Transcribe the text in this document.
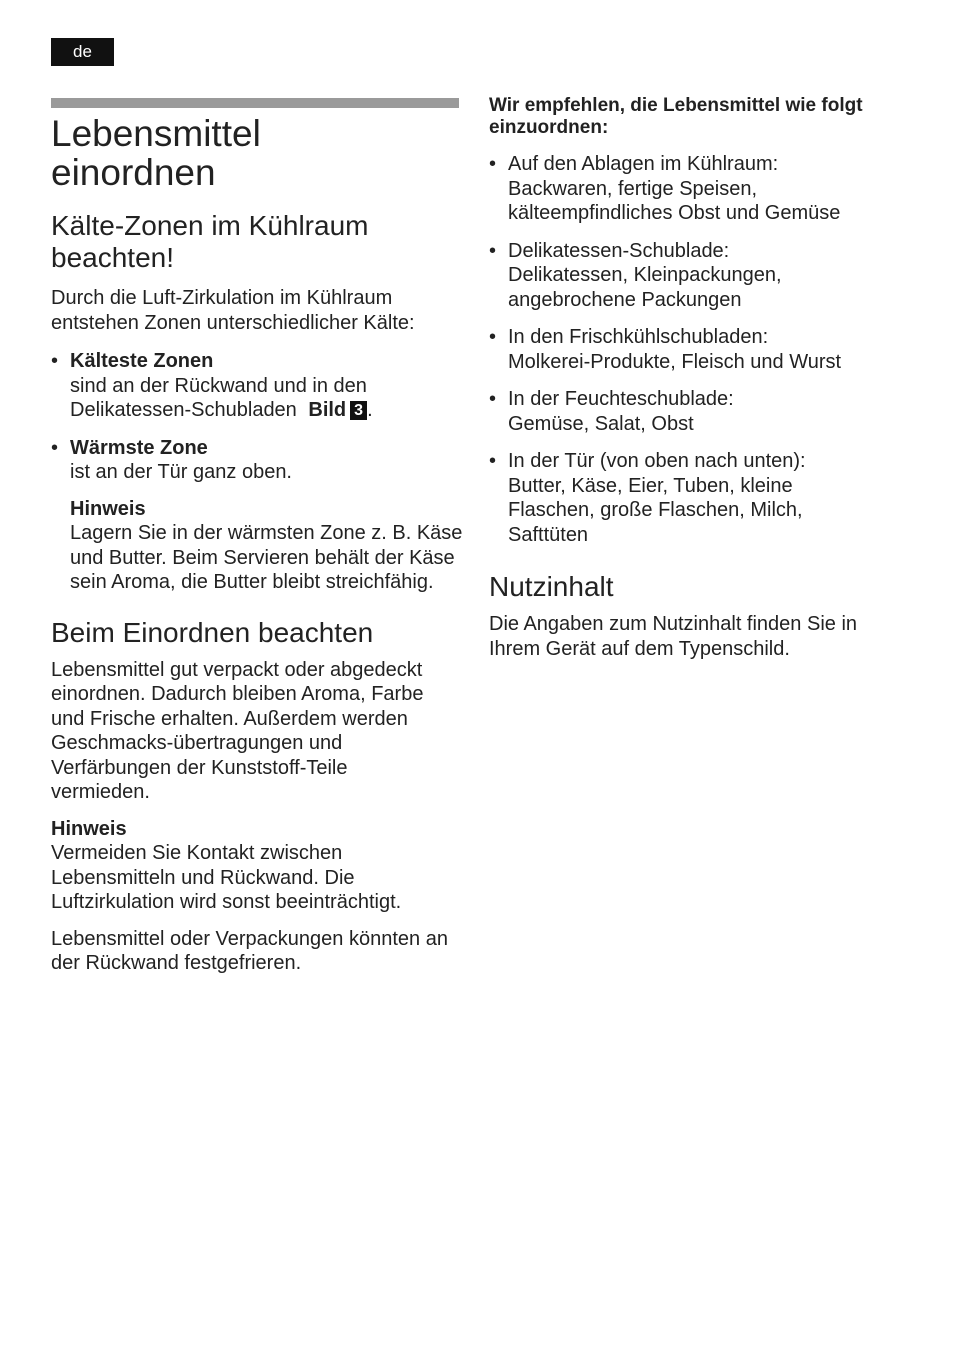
de
Lebensmittel einordnen
Kälte-Zonen im Kühlraum beachten!

Durch die Luft-Zirkulation im Kühlraum entstehen Zonen unterschiedlicher Kälte:

• Kälteste Zonen
sind an der Rückwand und in den Delikatessen-Schubladen Bild 3 .
• Wärmste Zone
ist an der Tür ganz oben.
Hinweis
Lagern Sie in der wärmsten Zone z. B. Käse und Butter. Beim Servieren behält der Käse sein Aroma, die Butter bleibt streichfähig.
Beim Einordnen beachten

Lebensmittel gut verpackt oder abgedeckt einordnen. Dadurch bleiben Aroma, Farbe und Frische erhalten. Außerdem werden Geschmacks-übertragungen und Verfärbungen der Kunststoff-Teile vermieden.

Hinweis

Vermeiden Sie Kontakt zwischen Lebensmitteln und Rückwand. Die Luftzirkulation wird sonst beeinträchtigt.

Lebensmittel oder Verpackungen könnten an der Rückwand festgefrieren.

Wir empfehlen, die Lebensmittel wie folgt einzuordnen:
• Auf den Ablagen im Kühlraum:
Backwaren, fertige Speisen, kälteempfindliches Obst und Gemüse
• Delikatessen-Schublade:
Delikatessen, Kleinpackungen, angebrochene Packungen
• In den Frischkühlschubladen:
Molkerei-Produkte, Fleisch und Wurst
• In der Feuchteschublade:
Gemüse, Salat, Obst
• In der Tür (von oben nach unten):
Butter, Käse, Eier, Tuben, kleine Flaschen, große Flaschen, Milch, Safttüten
Nutzinhalt

Die Angaben zum Nutzinhalt finden Sie in Ihrem Gerät auf dem Typenschild.
